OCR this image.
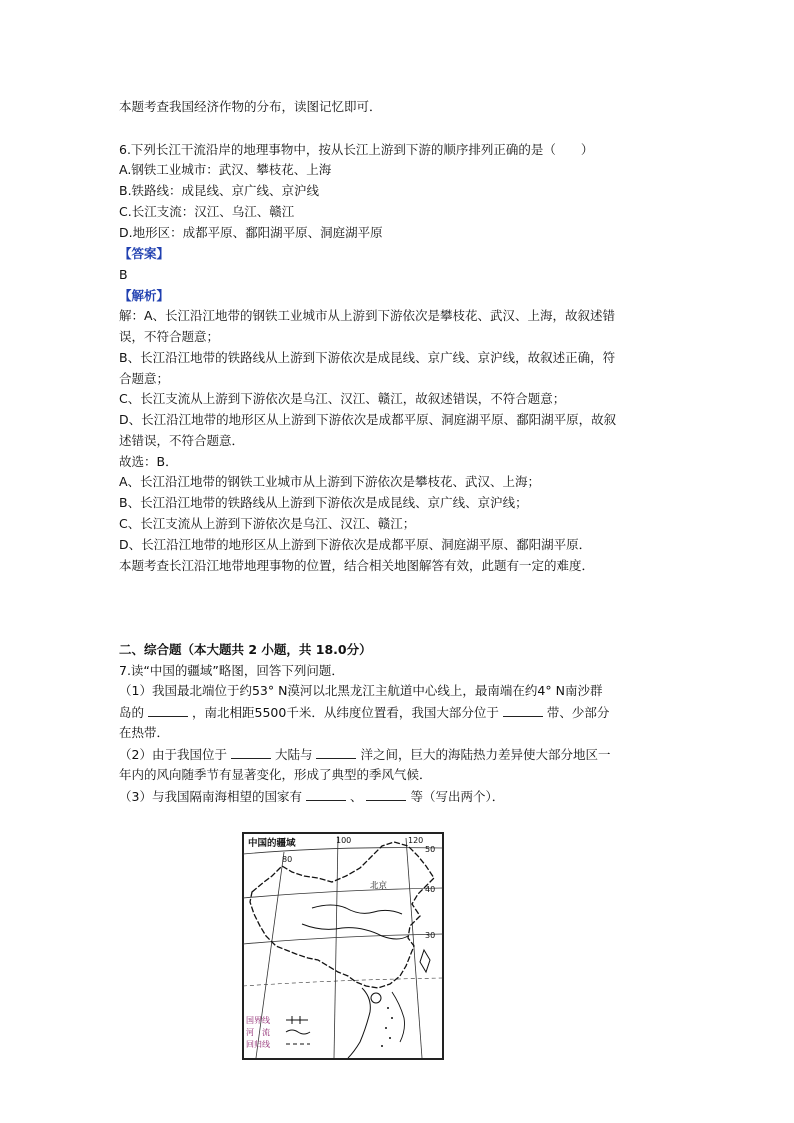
本题考查我国经济作物的分布，读图记忆即可．
6.下列长江干流沿岸的地理事物中，按从长江上游到下游的顺序排列正确的是（　　）
A.钢铁工业城市：武汉、攀枝花、上海
B.铁路线：成昆线、京广线、京沪线
C.长江支流：汉江、乌江、赣江
D.地形区：成都平原、鄱阳湖平原、洞庭湖平原
【答案】
B
【解析】
解：A、长江沿江地带的钢铁工业城市从上游到下游依次是攀枝花、武汉、上海，故叙述错
误，不符合题意；
B、长江沿江地带的铁路线从上游到下游依次是成昆线、京广线、京沪线，故叙述正确，符
合题意；
C、长江支流从上游到下游依次是乌江、汉江、赣江，故叙述错误，不符合题意；
D、长江沿江地带的地形区从上游到下游依次是成都平原、洞庭湖平原、鄱阳湖平原，故叙
述错误，不符合题意．
故选：B．
A、长江沿江地带的钢铁工业城市从上游到下游依次是攀枝花、武汉、上海；
B、长江沿江地带的铁路线从上游到下游依次是成昆线、京广线、京沪线；
C、长江支流从上游到下游依次是乌江、汉江、赣江；
D、长江沿江地带的地形区从上游到下游依次是成都平原、洞庭湖平原、鄱阳湖平原．
本题考查长江沿江地带地理事物的位置，结合相关地图解答有效，此题有一定的难度．
二、综合题（本大题共 2 小题，共 18.0分）
7.读“中国的疆域”略图，回答下列问题．
（1）我国最北端位于约53° N漠河以北黑龙江主航道中心线上，最南端在约4° N南沙群
岛的	，南北相距5500千米．从纬度位置看，我国大部分位于	带、少部分
在热带．
（2）由于我国位于	大陆与	洋之间，巨大的海陆热力差异使大部分地区一
年内的风向随季节有显著变化，形成了典型的季风气候．
（3）与我国隔南海相望的国家有	、	等（写出两个）．
中国的疆域
80
100	120
50
40
30
北京
国界线
河　流
回归线
